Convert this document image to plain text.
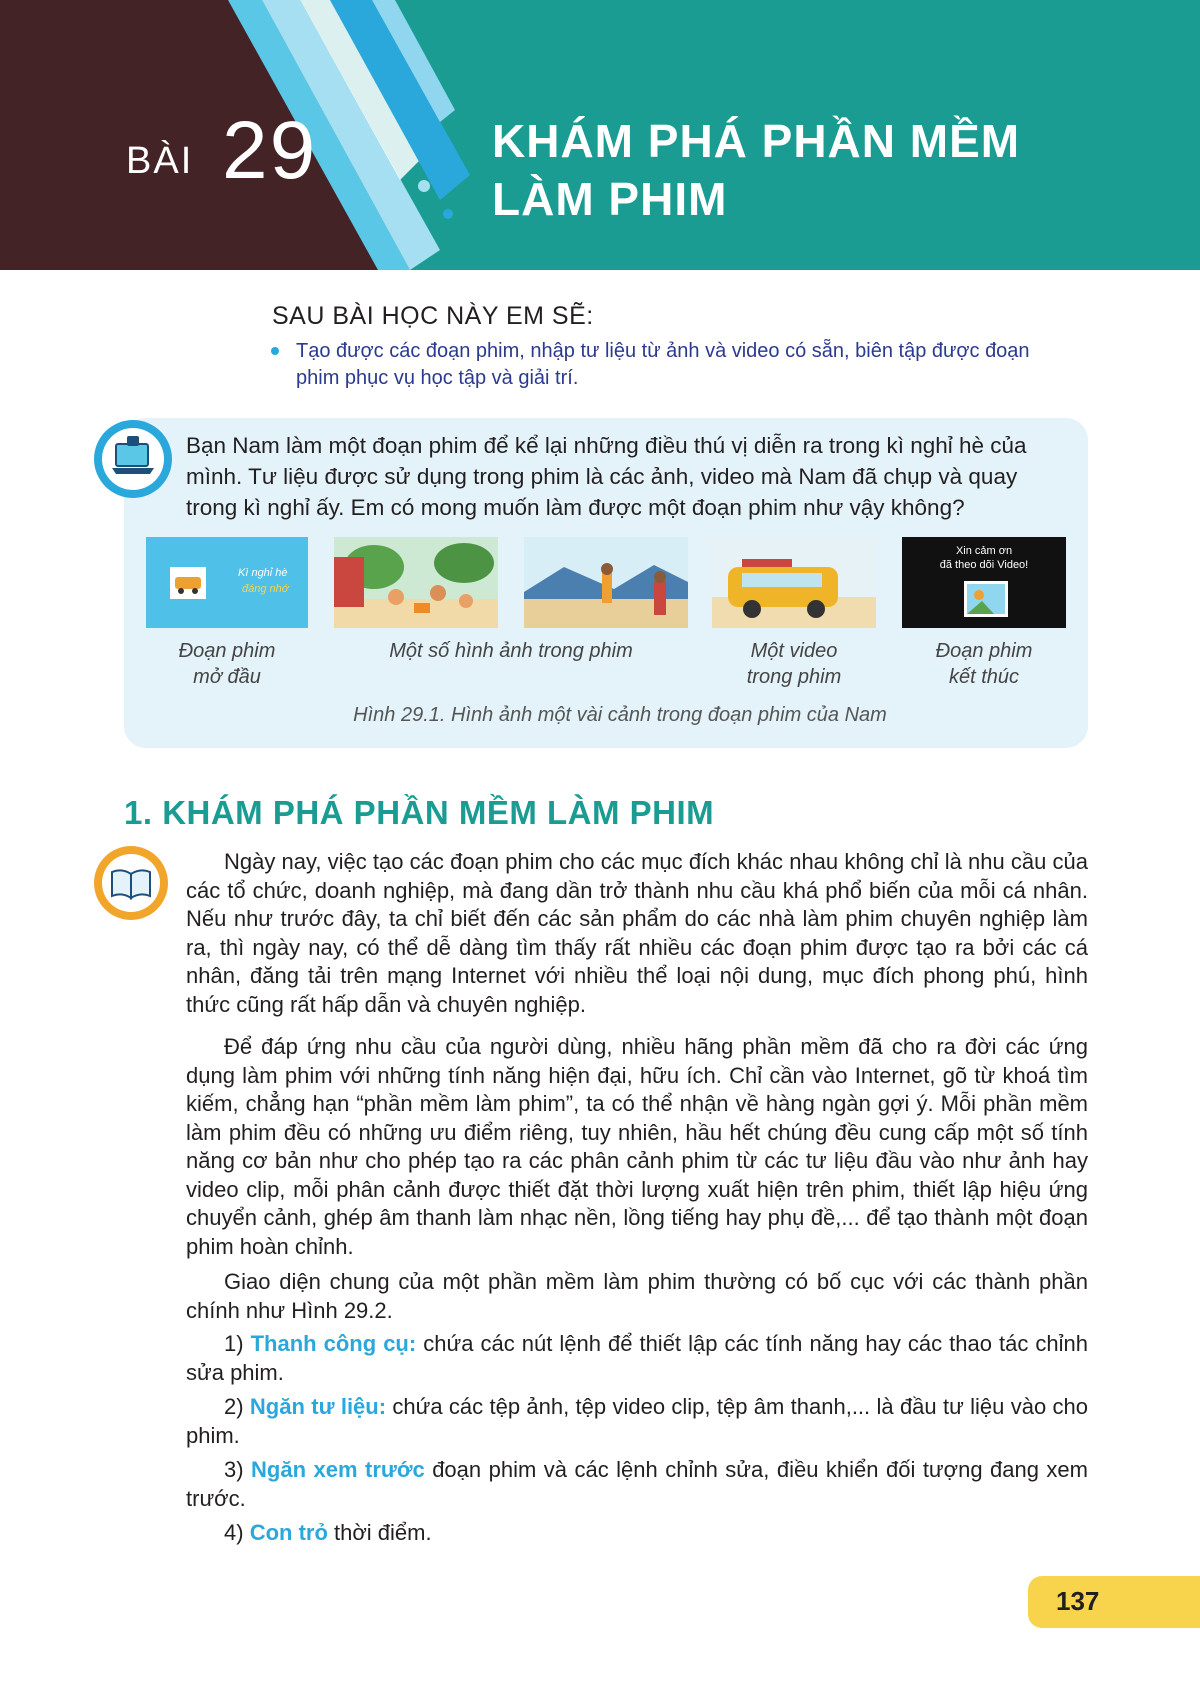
BÀI 29	KHÁM PHÁ PHẦN MỀM
LÀM PHIM
SAU BÀI HỌC NÀY EM SẼ:
Tạo được các đoạn phim, nhập tư liệu từ ảnh và video có sẵn, biên tập được đoạn phim phục vụ học tập và giải trí.
Bạn Nam làm một đoạn phim để kể lại những điều thú vị diễn ra trong kì nghỉ hè của mình. Tư liệu được sử dụng trong phim là các ảnh, video mà Nam đã chụp và quay trong kì nghỉ ấy. Em có mong muốn làm được một đoạn phim như vậy không?
Kì nghỉ hè
đáng nhớ
Xin cảm ơn
đã theo dõi Video!
Đoạn phim
mở đầu
Một số hình ảnh trong phim	Một video
trong phim
Đoạn phim
kết thúc
Hình 29.1. Hình ảnh một vài cảnh trong đoạn phim của Nam
1. KHÁM PHÁ PHẦN MỀM LÀM PHIM
Ngày nay, việc tạo các đoạn phim cho các mục đích khác nhau không chỉ là nhu cầu của các tổ chức, doanh nghiệp, mà đang dần trở thành nhu cầu khá phổ biến của mỗi cá nhân. Nếu như trước đây, ta chỉ biết đến các sản phẩm do các nhà làm phim chuyên nghiệp làm ra, thì ngày nay, có thể dễ dàng tìm thấy rất nhiều các đoạn phim được tạo ra bởi các cá nhân, đăng tải trên mạng Internet với nhiều thể loại nội dung, mục đích phong phú, hình thức cũng rất hấp dẫn và chuyên nghiệp.
Để đáp ứng nhu cầu của người dùng, nhiều hãng phần mềm đã cho ra đời các ứng dụng làm phim với những tính năng hiện đại, hữu ích. Chỉ cần vào Internet, gõ từ khoá tìm kiếm, chẳng hạn “phần mềm làm phim”, ta có thể nhận về hàng ngàn gợi ý. Mỗi phần mềm làm phim đều có những ưu điểm riêng, tuy nhiên, hầu hết chúng đều cung cấp một số tính năng cơ bản như cho phép tạo ra các phân cảnh phim từ các tư liệu đầu vào như ảnh hay video clip, mỗi phân cảnh được thiết đặt thời lượng xuất hiện trên phim, thiết lập hiệu ứng chuyển cảnh, ghép âm thanh làm nhạc nền, lồng tiếng hay phụ đề,... để tạo thành một đoạn phim hoàn chỉnh.
Giao diện chung của một phần mềm làm phim thường có bố cục với các thành phần chính như Hình 29.2.
1) Thanh công cụ: chứa các nút lệnh để thiết lập các tính năng hay các thao tác chỉnh sửa phim.
2) Ngăn tư liệu: chứa các tệp ảnh, tệp video clip, tệp âm thanh,... là đầu tư liệu vào cho phim.
3) Ngăn xem trước đoạn phim và các lệnh chỉnh sửa, điều khiển đối tượng đang xem trước.
4) Con trỏ thời điểm.
137
